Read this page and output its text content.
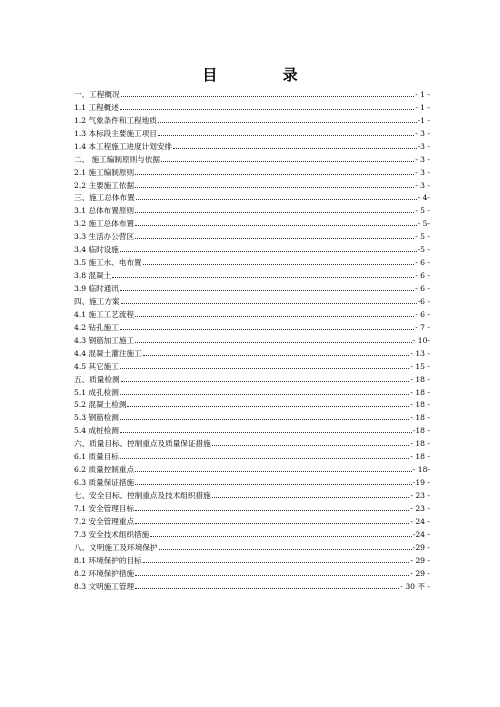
目 录
一、工程概况	- 1 -
1.1 工程概述	- 1 -
1.2 气象条件和工程地质	-1 -
1.3 本标段主要施工项目	- 3 -
1.4 本工程施工进度计划安排	-3 -
二、 施工编制原则与依据	- 3 -
2.1 施工编制原则	- 3 -
2.2 主要施工依据	- 3 -
三、施工总体布置	- 4-
3.1 总体布置原则	- 5 -
3.2 施工总体布置	- 5-
3.3 生活办公营区	- 5 -
3.4 临时设施	-5 -
3.5 施工水、电布置	- 6 -
3.8 混凝土	- 6 -
3.9 临时通讯	- 6 -
四、施工方案	-6 -
4.1 施工工艺流程	- 6 -
4.2 钻孔施工	- 7 -
4.3 钢筋加工施工	- 10-
4.4 混凝土灌注施工	- 13 -
4.5 其它施工	- 15 -
五、质量检测	- 18 -
5.1 成孔检测	- 18 -
5.2 混凝土检测	- 18 -
5.3 钢筋检测	- 18 -
5.4 成桩检测	-18 -
六、质量目标、控制重点及质量保证措施	- 18 -
6.1 质量目标	- 18 -
6.2 质量控制重点	- 18-
6.3 质量保证措施	-19 -
七、安全目标、控制重点及技术组织措施	- 23 -
7.1 安全管理目标	- 23 -
7.2 安全管理重点	- 24 -
7.3 安全技术组织措施	-24 -
八、文明施工及环境保护	-29 -
8.1 环境保护的目标	- 29 -
8.2 环境保护措施	- 29 -
8.3 文明施工管理	- 30 不 -
